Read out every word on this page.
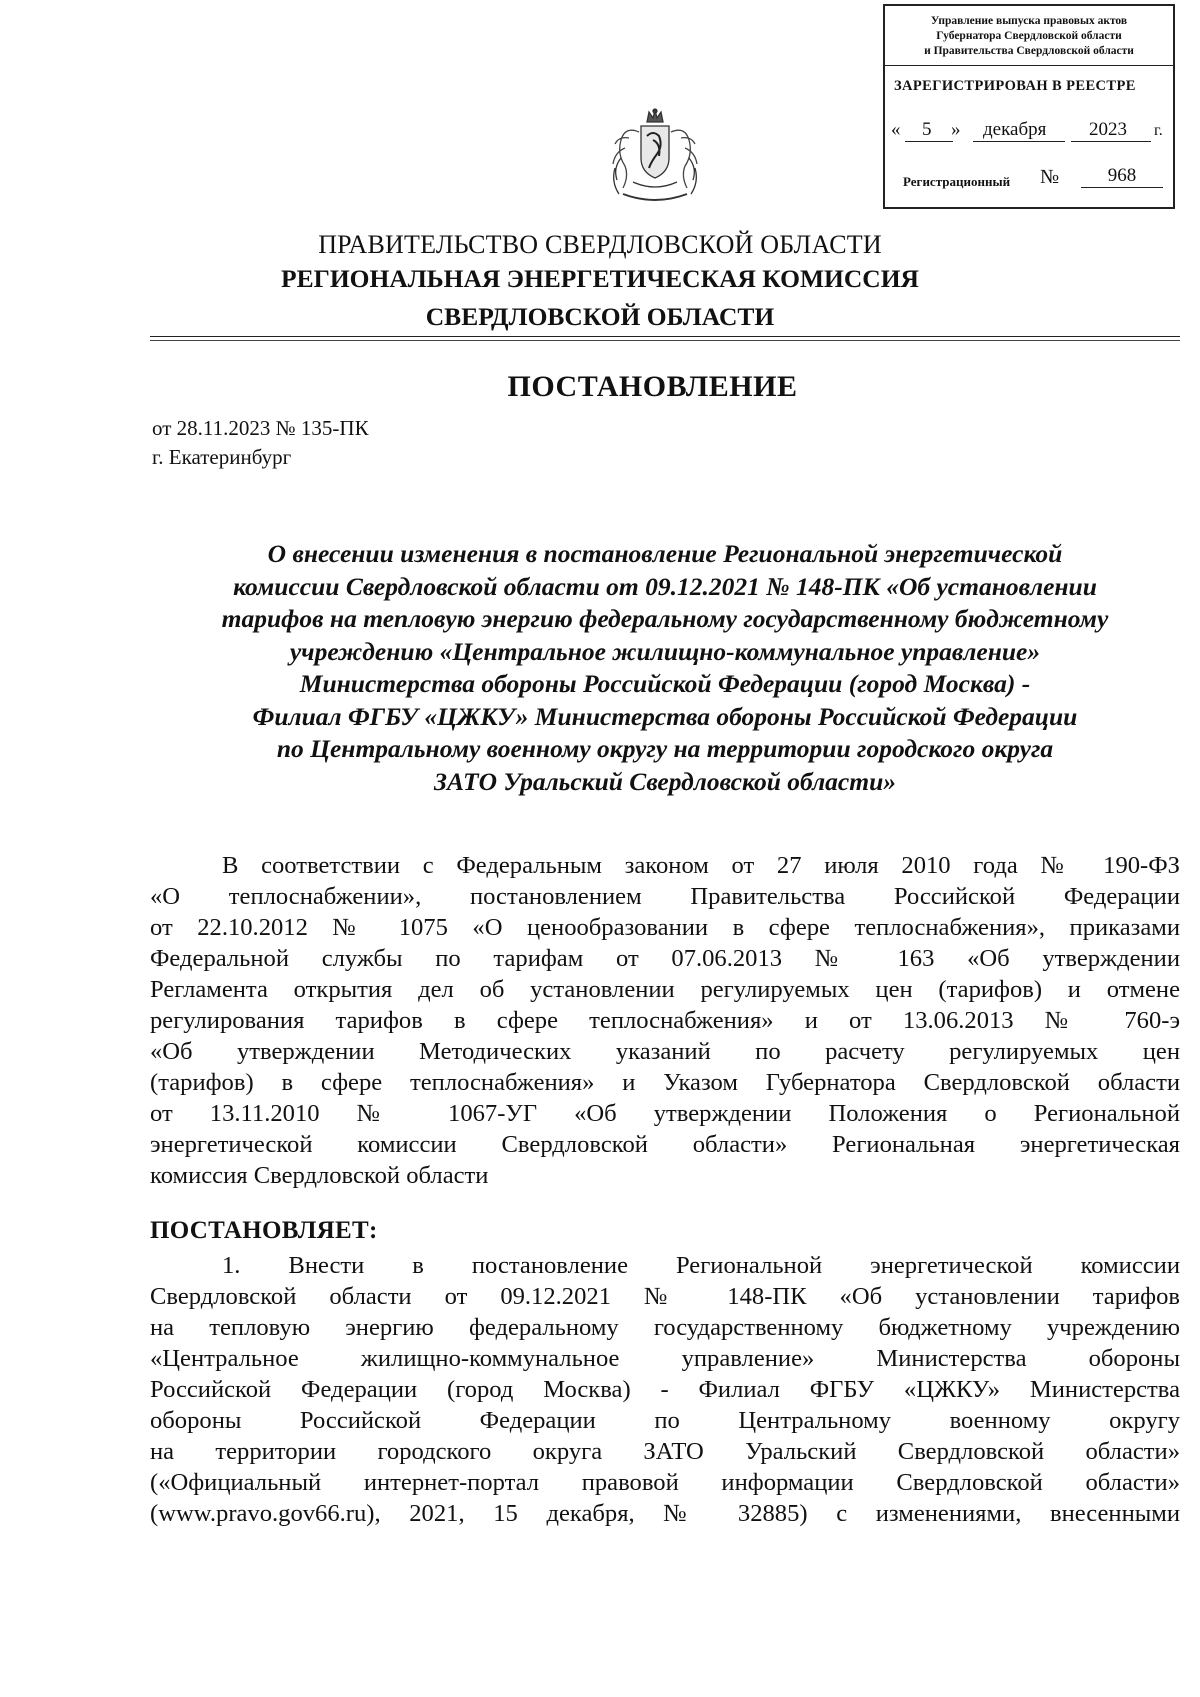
Управление выпуска правовых актов
Губернатора Свердловской области
и Правительства Свердловской области
ЗАРЕГИСТРИРОВАН В РЕЕСТРЕ
« 5 » декабря 2023 г.
Регистрационный №	968
ПРАВИТЕЛЬСТВО СВЕРДЛОВСКОЙ ОБЛАСТИ
РЕГИОНАЛЬНАЯ ЭНЕРГЕТИЧЕСКАЯ КОМИССИЯ
СВЕРДЛОВСКОЙ ОБЛАСТИ
ПОСТАНОВЛЕНИЕ
от 28.11.2023 № 135-ПК
г. Екатеринбург
О внесении изменения в постановление Региональной энергетической
комиссии Свердловской области от 09.12.2021 № 148-ПК «Об установлении
тарифов на тепловую энергию федеральному государственному бюджетному
учреждению «Центральное жилищно-коммунальное управление»
Министерства обороны Российской Федерации (город Москва) -
Филиал ФГБУ «ЦЖКУ» Министерства обороны Российской Федерации
по Центральному военному округу на территории городского округа
ЗАТО Уральский Свердловской области»
В соответствии с Федеральным законом от 27 июля 2010 года № 190-ФЗ
«О теплоснабжении», постановлением Правительства Российской Федерации
от 22.10.2012 № 1075 «О ценообразовании в сфере теплоснабжения», приказами
Федеральной службы по тарифам от 07.06.2013 № 163 «Об утверждении
Регламента открытия дел об установлении регулируемых цен (тарифов) и отмене
регулирования тарифов в сфере теплоснабжения» и от 13.06.2013 № 760-э
«Об утверждении Методических указаний по расчету регулируемых цен
(тарифов) в сфере теплоснабжения» и Указом Губернатора Свердловской области
от 13.11.2010 № 1067-УГ «Об утверждении Положения о Региональной
энергетической комиссии Свердловской области» Региональная энергетическая
комиссия Свердловской области
ПОСТАНОВЛЯЕТ:
1. Внести в постановление Региональной энергетической комиссии
Свердловской области от 09.12.2021 № 148-ПК «Об установлении тарифов
на тепловую энергию федеральному государственному бюджетному учреждению
«Центральное жилищно-коммунальное управление» Министерства обороны
Российской Федерации (город Москва) - Филиал ФГБУ «ЦЖКУ» Министерства
обороны Российской Федерации по Центральному военному округу
на территории городского округа ЗАТО Уральский Свердловской области»
(«Официальный интернет-портал правовой информации Свердловской области»
(www.pravo.gov66.ru), 2021, 15 декабря, № 32885) с изменениями, внесенными
